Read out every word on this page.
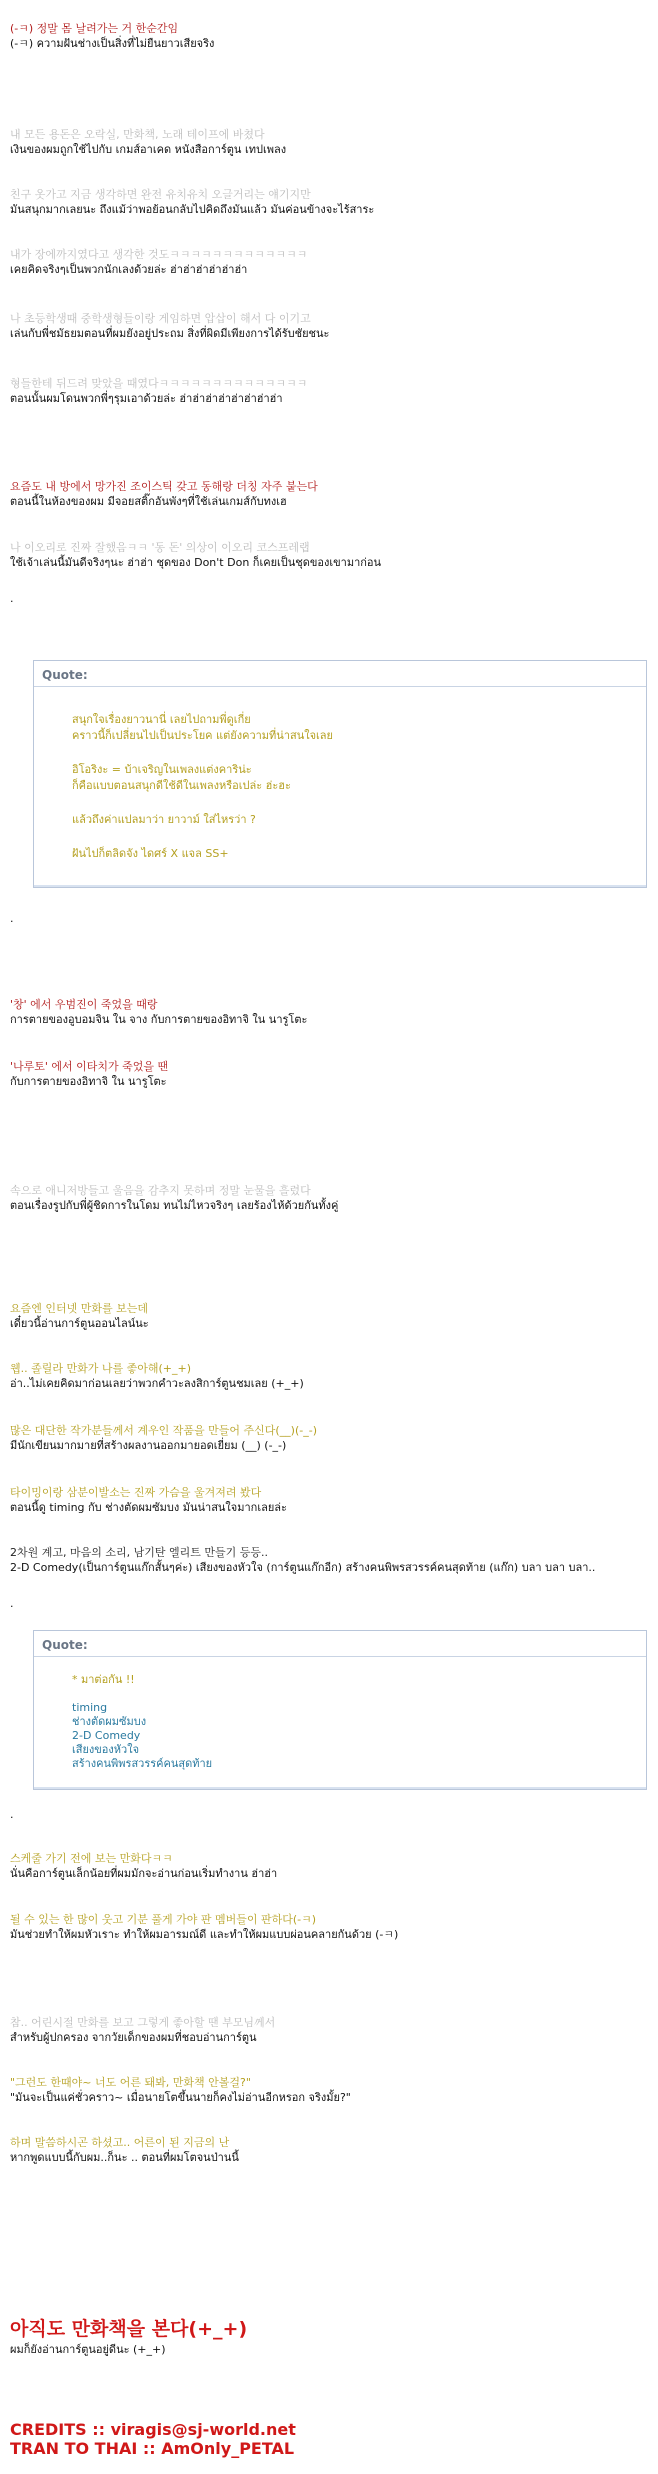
(-ㅋ) 정말 몸 날려가는 거 한순간임
(-ㅋ) ความฝันช่างเป็นสิ่งที่ไม่ยืนยาวเสียจริง
내 모든 용돈은 오락실, 만화책, 노래 테이프에 바쳤다
เงินของผมถูกใช้ไปกับ เกมส์อาเคด หนังสือการ์ตูน เทปเพลง
친구 옷가고 지금 생각하면 완전 유치유치 오글거리는 얘기지만
มันสนุกมากเลยนะ ถึงแม้ว่าพอย้อนกลับไปคิดถึงมันแล้ว มันค่อนข้างจะไร้สาระ
내가 장에까지였다고 생각한 것도ㅋㅋㅋㅋㅋㅋㅋㅋㅋㅋㅋㅋㅋ
เคยคิดจริงๆเป็นพวกนักเลงด้วยล่ะ ฮ่าฮ่าฮ่าฮ่าฮ่าฮ่า
나 초등학생때 중학생형들이랑 게임하면 압삽이 해서 다 이기고
เล่นกับพี่ชมัธยมตอนที่ผมยังอยู่ประถม สิ่งที่ผิดมีเพียงการได้รับชัยชนะ
형들한테 뒤드려 맞았을 때였다ㅋㅋㅋㅋㅋㅋㅋㅋㅋㅋㅋㅋㅋㅋ
ตอนนั้นผมโดนพวกพี่ๆรุมเอาด้วยล่ะ ฮ่าฮ่าฮ่าฮ่าฮ่าฮ่าฮ่าฮ่า
요즘도 내 방에서 망가진 조이스틱 갖고 동해랑 더칭 자주 붙는다
ตอนนี้ในห้องของผม มีจอยสติ๊กอันพังๆที่ใช้เล่นเกมส์กับทงเฮ
나 이오리로 진짜 잘했음ㅋㅋ '동 돈' 의상이 이오리 코스프레랩
ใช้เจ้าเล่นนี้มันดีจริงๆนะ ฮ่าฮ่า ชุดของ Don't Don ก็เคยเป็นชุดของเขามาก่อน
.
Quote:
สนุกใจเรื่องยาวนานี่ เลยไปถามพี่ดูเกี่ย
คราวนี้ก็เปลี่ยนไปเป็นประโยค แต่ยังความที่น่าสนใจเลย
อิโอริงะ = บ้าเจริญในเพลงแต่งคาริน่ะ
ก็คือแบบตอนสนุกดีใช้ดีในเพลงหรือเปล่ะ ฮ่ะฮะ
แล้วถึงค่าแปลมาว่า ยาวาม์ ใส่ไหรว่า ?
ฝันไปก็ตลิดจัง ไดศร์ X แจล SS+
.
'창' 에서 우범진이 죽었을 때랑
การตายของอูบอมจิน ใน จาง กับการตายของอิทาจิ ใน นารูโตะ
'나루토' 에서 이타치가 죽었을 땐
กับการตายของอิทาจิ ใน นารูโตะ
속으로 애니저방들고 울음을 감추지 못하며 정말 눈물을 흘렸다
ตอนเรื่องรูปกับพี่ผู้ชิดการในโดม ทนไม่ไหวจริงๆ เลยร้องไห้ด้วยกันทั้งคู่
요즘엔 인터넷 만화를 보는데
เดี๋ยวนี้อ่านการ์ตูนออนไลน์นะ
웹.. 졸릴라 만화가 나를 좋아해(+_+)
อ่า..ไม่เคยคิดมาก่อนเลยว่าพวกคำวะลงสิการ์ตูนชมเลย (+_+)
많은 대단한 작가분들께서 계우인 작품을 만들어 주신다(__)(-_-)
มีนักเขียนมากมายที่สร้างผลงานออกมายอดเยี่ยม (__) (-_-)
타이밍이랑 삼분이발소는 진짜 가슴을 울겨져려 봤다
ตอนนี้ดู timing กับ ช่างตัดผมซัมบง มันน่าสนใจมากเลยล่ะ
2차원 계고, 마음의 소리, 남기탄 엘리트 만들기 등등..
2-D Comedy(เป็นการ์ตูนแก๊กสั้นๆค่ะ) เสียงของหัวใจ (การ์ตูนแก๊กอีก) สร้างคนพิพรสวรรค์คนสุดท้าย (แก๊ก) บลา บลา บลา..
.
Quote:
* มาต่อกัน !!
timing
ช่างตัดผมซัมบง
2-D Comedy
เสียงของหัวใจ
สร้างคนพิพรสวรรค์คนสุดท้าย
.
스케줄 가기 전에 보는 만화다ㅋㅋ
นั่นคือการ์ตูนเล็กน้อยที่ผมมักจะอ่านก่อนเริ่มทำงาน ฮ่าฮ่า
될 수 있는 한 많이 웃고 기분 풀게 가야 판 멤버들이 판하다(-ㅋ)
มันช่วยทำให้ผมหัวเราะ ทำให้ผมอารมณ์ดี และทำให้ผมแบบผ่อนคลายกันด้วย (-ㅋ)
참.. 어린시절 만화를 보고 그렇게 좋아할 땐 부모님께서
สำหรับผู้ปกครอง จากวัยเด็กของผมที่ชอบอ่านการ์ตูน
"그런도 한때야~ 너도 어른 돼봐, 만화책 안볼걸?"
"มันจะเป็นแค่ชั่วคราว~ เมื่อนายโตขึ้นนายก็คงไม่อ่านอีกหรอก จริงมั้ย?"
하며 말씀하시곤 하셨고.. 어른이 된 지금의 난
หากพูดแบบนี้กับผม..ก็นะ .. ตอนที่ผมโตจนป่านนี้
아직도 만화책을 본다(+_+)
ผมก็ยังอ่านการ์ตูนอยู่ดีนะ (+_+)
CREDITS :: viragis@sj-world.net
TRAN TO THAI :: AmOnly_PETAL
